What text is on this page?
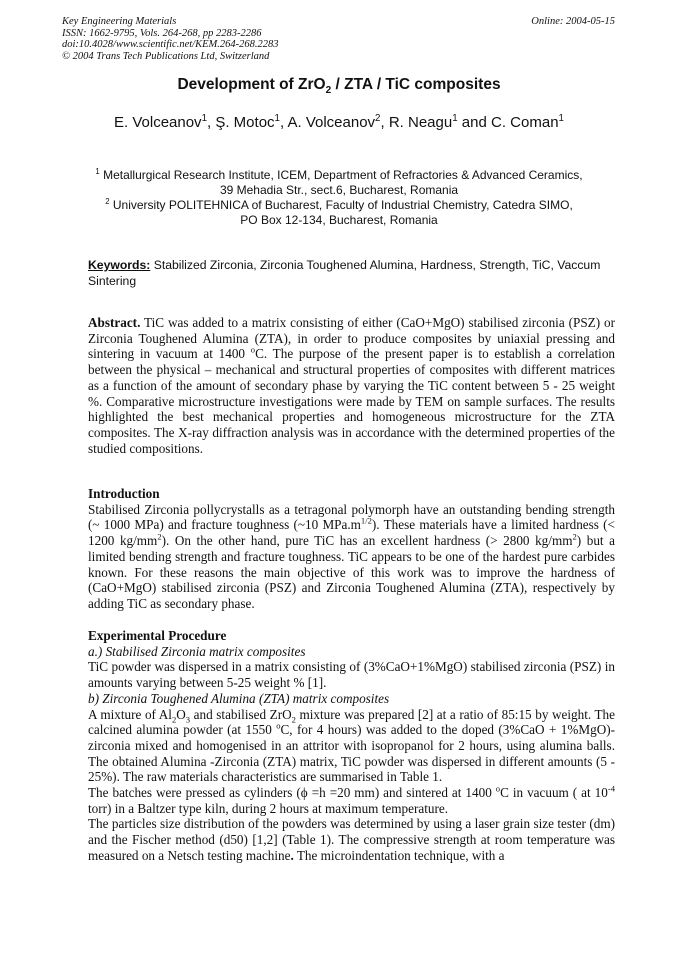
Key Engineering Materials
ISSN: 1662-9795, Vols. 264-268, pp 2283-2286
doi:10.4028/www.scientific.net/KEM.264-268.2283
© 2004 Trans Tech Publications Ltd, Switzerland
Online: 2004-05-15
Development of ZrO$_2$ / ZTA / TiC composites
E. Volceanov$^1$, Ş. Motoc$^1$, A. Volceanov$^2$, R. Neagu$^1$ and C. Coman$^1$
$^1$ Metallurgical Research Institute, ICEM, Department of Refractories & Advanced Ceramics,
39 Mehadia Str., sect.6, Bucharest, Romania
$^2$ University POLITEHNICA of Bucharest, Faculty of Industrial Chemistry, Catedra SIMO,
PO Box 12-134, Bucharest, Romania
Keywords: Stabilized Zirconia, Zirconia Toughened Alumina, Hardness, Strength, TiC, Vaccum Sintering

Abstract. TiC was added to a matrix consisting of either (CaO+MgO) stabilised zirconia (PSZ) or Zirconia Toughened Alumina (ZTA), in order to produce composites by uniaxial pressing and sintering in vacuum at 1400 $^o$C. The purpose of the present paper is to establish a correlation between the physical – mechanical and structural properties of composites with different matrices as a function of the amount of secondary phase by varying the TiC content between 5 - 25 weight %. Comparative microstructure investigations were made by TEM on sample surfaces. The results highlighted the best mechanical properties and homogeneous microstructure for the ZTA composites. The X-ray diffraction analysis was in accordance with the determined properties of the studied compositions.

Introduction

Stabilised Zirconia pollycrystalls as a tetragonal polymorph have an outstanding bending strength (~ 1000 MPa) and fracture toughness (~10 $MPa.m^{1/2}$). These materials have a limited hardness (< 1200 $kg/mm^2$). On the other hand, pure TiC has an excellent hardness (> 2800 $kg/mm^2$) but a limited bending strength and fracture toughness. TiC appears to be one of the hardest pure carbides known. For these reasons the main objective of this work was to improve the hardness of (CaO+MgO) stabilised zirconia (PSZ) and Zirconia Toughened Alumina (ZTA), respectively by adding TiC as secondary phase.

Experimental Procedure

a.) Stabilised Zirconia matrix composites

TiC powder was dispersed in a matrix consisting of (3%CaO+1%MgO) stabilised zirconia (PSZ) in amounts varying between 5-25 weight % [1].

b) Zirconia Toughened Alumina (ZTA) matrix composites

A mixture of $Al_2O_3$ and stabilised ZrO$_2$ mixture was prepared [2] at a ratio of 85:15 by weight. The calcined alumina powder (at 1550 $^o$C, for 4 hours) was added to the doped (3%CaO + 1%MgO)-zirconia mixed and homogenised in an attritor with isopropanol for 2 hours, using alumina balls. The obtained Alumina -Zirconia (ZTA) matrix, TiC powder was dispersed in different amounts (5 - 25%). The raw materials characteristics are summarised in Table 1.

The batches were pressed as cylinders (ϕ =h =20 mm) and sintered at 1400 $^o$C in vacuum ( at $10^{-4}$ torr) in a Baltzer type kiln, during 2 hours at maximum temperature.

The particles size distribution of the powders was determined by using a laser grain size tester (dm) and the Fischer method (d50) [1,2] (Table 1). The compressive strength at room temperature was measured on a Netsch testing machine. The microindentation technique, with a
